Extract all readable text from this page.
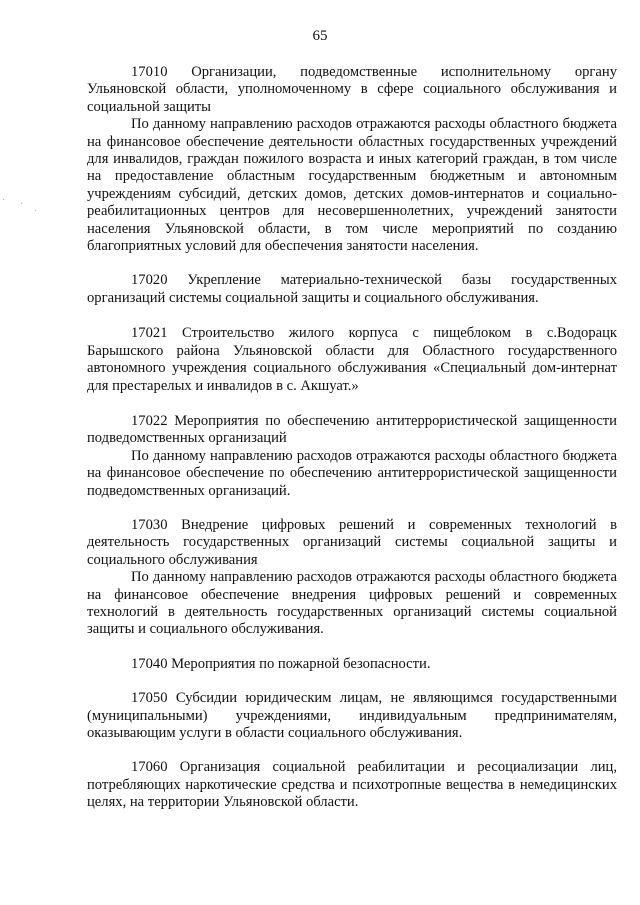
65
· ·
·

17010 Организации, подведомственные исполнительному органу Ульяновской области, уполномоченному в сфере социального обслуживания и социальной защиты

По данному направлению расходов отражаются расходы областного бюджета на финансовое обеспечение деятельности областных государственных учреждений для инвалидов, граждан пожилого возраста и иных категорий граждан, в том числе на предоставление областным государственным бюджетным и автономным учреждениям субсидий, детских домов, детских домов-интернатов и социально-реабилитационных центров для несовершеннолетних, учреждений занятости населения Ульяновской области, в том числе мероприятий по созданию благоприятных условий для обеспечения занятости населения.

17020 Укрепление материально-технической базы государственных организаций системы социальной защиты и социального обслуживания.

17021 Строительство жилого корпуса с пищеблоком в с.Водорацк Барышского района Ульяновской области для Областного государственного автономного учреждения социального обслуживания «Специальный дом-интернат для престарелых и инвалидов в с. Акшуат.»

17022 Мероприятия по обеспечению антитеррористической защищенности подведомственных организаций

По данному направлению расходов отражаются расходы областного бюджета на финансовое обеспечение по обеспечению антитеррористической защищенности подведомственных организаций.

17030 Внедрение цифровых решений и современных технологий в деятельность государственных организаций системы социальной защиты и социального обслуживания

По данному направлению расходов отражаются расходы областного бюджета на финансовое обеспечение внедрения цифровых решений и современных технологий в деятельность государственных организаций системы социальной защиты и социального обслуживания.

17040 Мероприятия по пожарной безопасности.

17050 Субсидии юридическим лицам, не являющимся государственными (муниципальными) учреждениями, индивидуальным предпринимателям, оказывающим услуги в области социального обслуживания.

17060 Организация социальной реабилитации и ресоциализации лиц, потребляющих наркотические средства и психотропные вещества в немедицинских целях, на территории Ульяновской области.
